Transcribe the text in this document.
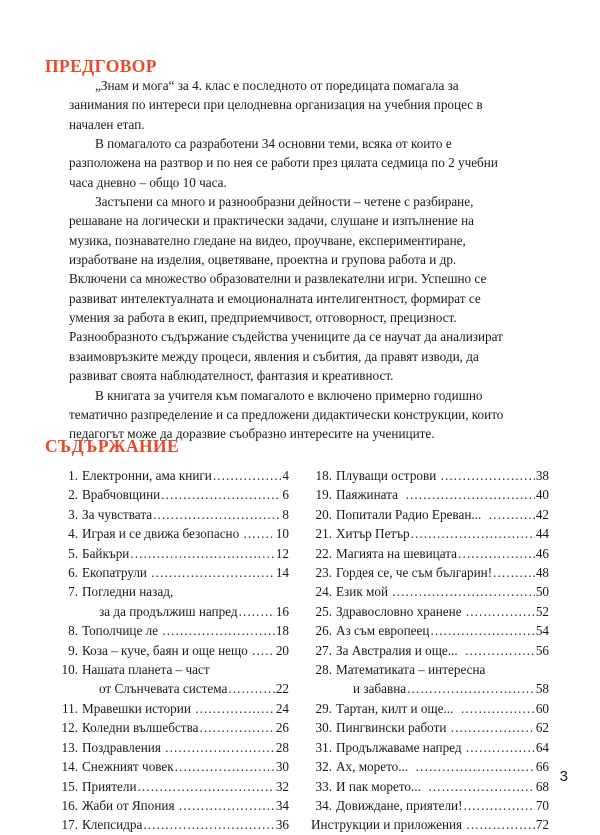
ПРЕДГОВОР

„Знам и мога“ за 4. клас е последното от поредицата помагала за занимания по интереси при целодневна организация на учебния процес в начален етап.

В помагалото са разработени 34 основни теми, всяка от които е разположена на разтвор и по нея се работи през цялата седмица по 2 учебни часа дневно – общо 10 часа.

Застъпени са много и разнообразни дейности – четене с разбиране, решаване на логически и практически задачи, слушане и изпълнение на музика, познавателно гледане на видео, проучване, експериментиране, изработване на изделия, оцветяване, проектна и групова работа и др. Включени са множество образователни и развлекателни игри. Успешно се развиват интелектуалната и емоционалната интелигентност, формират се умения за работа в екип, предприемчивост, отговорност, прецизност. Разнообразното съдържание съдейства учениците да се научат да анализират взаимовръзките между процеси, явления и събития, да правят изводи, да развиват своята наблюдателност, фантазия и креативност.

В книгата за учителя към помагалото е включено примерно годишно тематично разпределение и са предложени дидактически конструкции, които педагогът може да доразвие съобразно интересите на учениците.

СЪДЪРЖАНИЕ
1. Електронни, ама книги .....	4
2. Врабчовщини .....	6
3. За чувствата .....	8
4. Играя и се движа безопасно .....	10
5. Байкъри .....	12
6. Екопатрули .....	14
7. Погледни назад,
за да продължиш напред .....	16
8. Тополчице ле .....	18
9. Коза – куче, баян и още нещо ..... 20
10. Нашата планета – част
от Слънчевата система .....	22
11. Мравешки истории .....	24
12. Коледни вълшебства .....	26
13. Поздравления .....	28
14. Снежният човек .....	30
15. Приятели .....	32
16. Жаби от Япония .....	34
17. Клепсидра .....	36
18. Плуващи острови .....	38
19. Паяжината .....	40
20. Попитали Радио Ереван... .....	42
21. Хитър Петър .....	44
22. Магията на шевицата .....	46
23. Гордея се, че съм българин! .....	48
24. Език мой .....	50
25. Здравословно хранене .....	52
26. Аз съм европеец .....	54
27. За Австралия и още... .....	56
28. Математиката – интересна
и забавна .....	58
29. Тартан, килт и още... .....	60
30. Пингвински работи .....	62
31. Продължаваме напред .....	64
32. Ах, морето... .....	66
33. И пак морето... .....	68
34. Довиждане, приятели! .....	70
Инструкции и приложения .....	72
3
